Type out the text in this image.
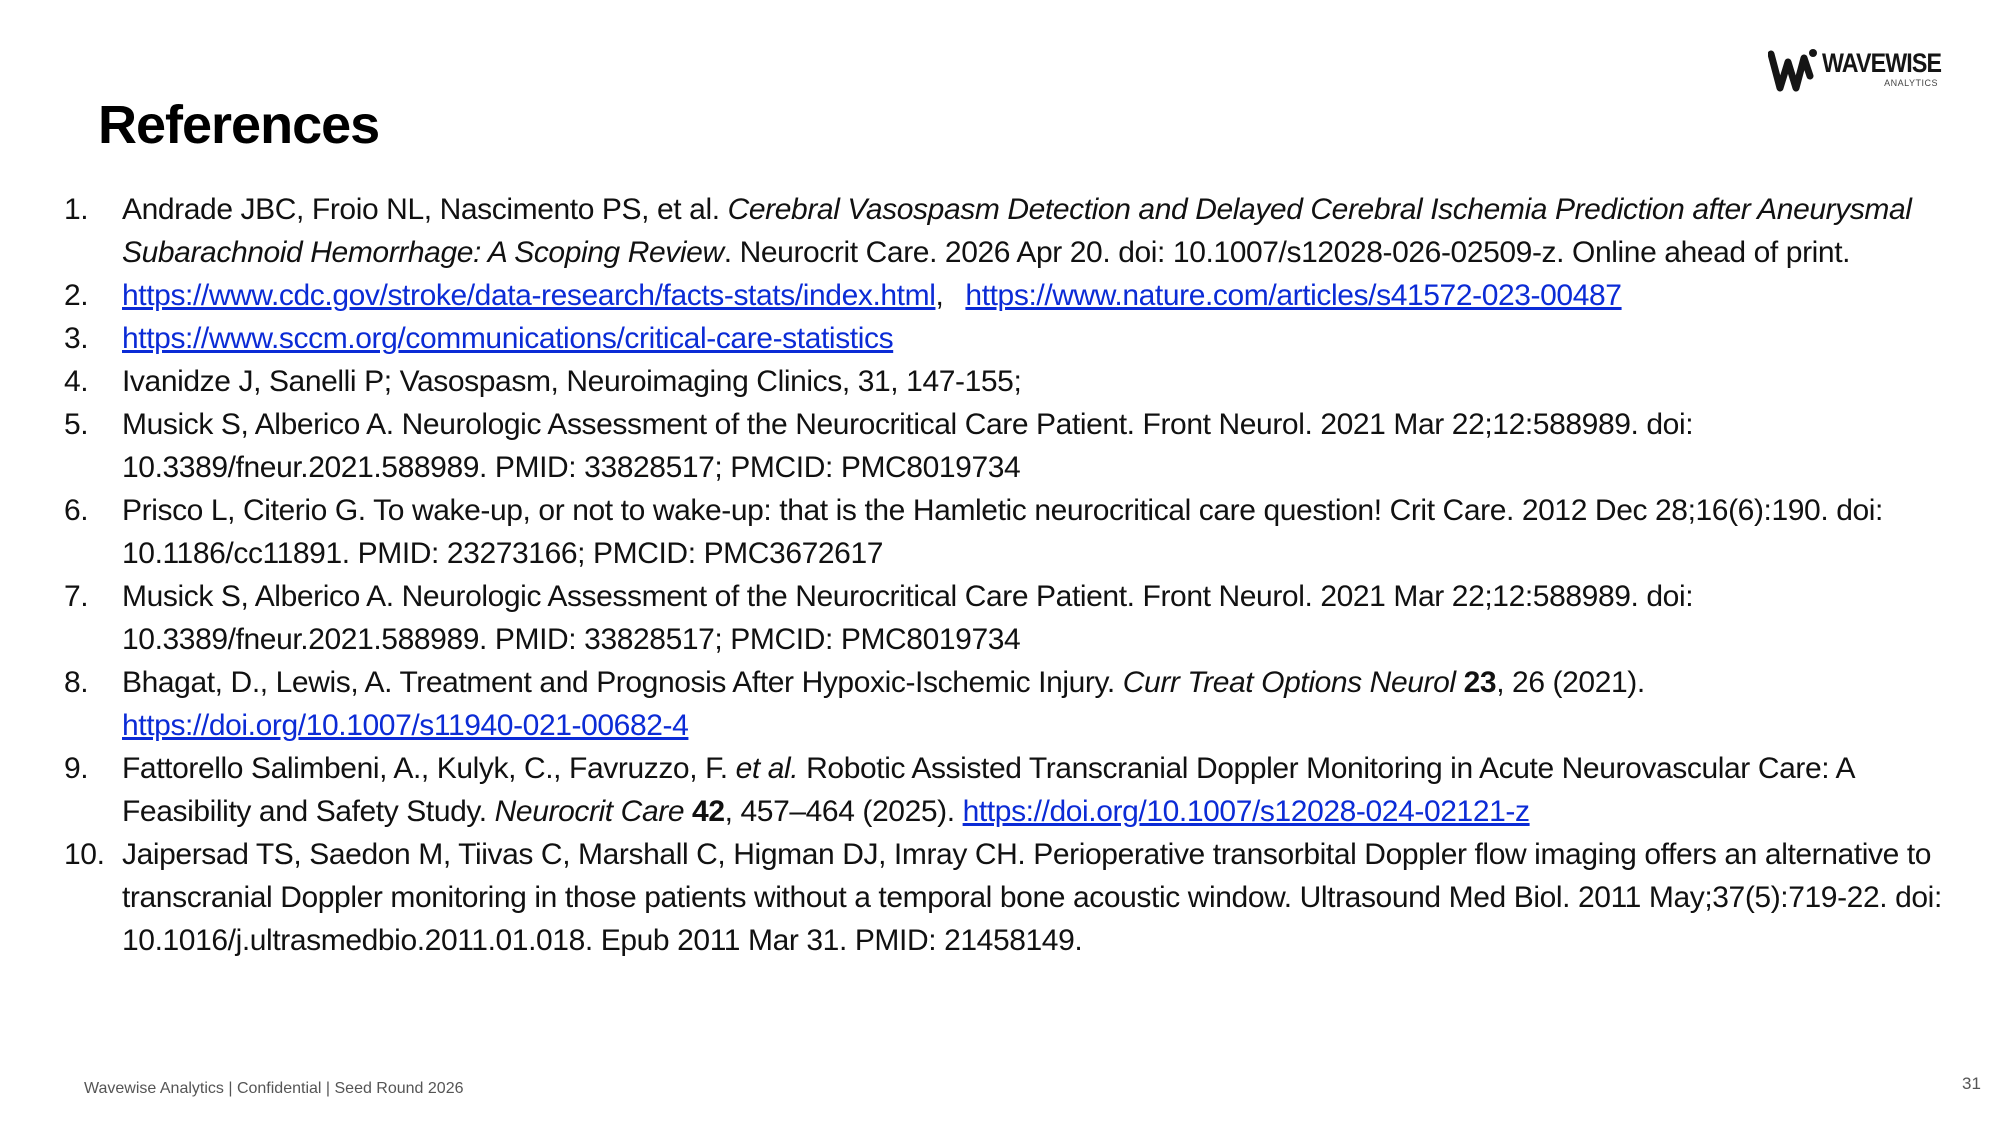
WAVEWISE
ANALYTICS
References
1. Andrade JBC, Froio NL, Nascimento PS, et al. Cerebral Vasospasm Detection and Delayed Cerebral Ischemia Prediction after Aneurysmal Subarachnoid Hemorrhage: A Scoping Review. Neurocrit Care. 2026 Apr 20. doi: 10.1007/s12028-026-02509-z. Online ahead of print.
2. https://www.cdc.gov/stroke/data-research/facts-stats/index.html, https://www.nature.com/articles/s41572-023-00487
3. https://www.sccm.org/communications/critical-care-statistics
4. Ivanidze J, Sanelli P; Vasospasm, Neuroimaging Clinics, 31, 147-155;
5. Musick S, Alberico A. Neurologic Assessment of the Neurocritical Care Patient. Front Neurol. 2021 Mar 22;12:588989. doi: 10.3389/fneur.2021.588989. PMID: 33828517; PMCID: PMC8019734
6. Prisco L, Citerio G. To wake-up, or not to wake-up: that is the Hamletic neurocritical care question! Crit Care. 2012 Dec 28;16(6):190. doi: 10.1186/cc11891. PMID: 23273166; PMCID: PMC3672617
7. Musick S, Alberico A. Neurologic Assessment of the Neurocritical Care Patient. Front Neurol. 2021 Mar 22;12:588989. doi: 10.3389/fneur.2021.588989. PMID: 33828517; PMCID: PMC8019734
8. Bhagat, D., Lewis, A. Treatment and Prognosis After Hypoxic-Ischemic Injury. Curr Treat Options Neurol 23, 26 (2021).
https://doi.org/10.1007/s11940-021-00682-4
9. Fattorello Salimbeni, A., Kulyk, C., Favruzzo, F. et al. Robotic Assisted Transcranial Doppler Monitoring in Acute Neurovascular Care: A Feasibility and Safety Study. Neurocrit Care 42, 457–464 (2025). https://doi.org/10.1007/s12028-024-02121-z
10. Jaipersad TS, Saedon M, Tiivas C, Marshall C, Higman DJ, Imray CH. Perioperative transorbital Doppler flow imaging offers an alternative to transcranial Doppler monitoring in those patients without a temporal bone acoustic window. Ultrasound Med Biol. 2011 May;37(5):719-22. doi: 10.1016/j.ultrasmedbio.2011.01.018. Epub 2011 Mar 31. PMID: 21458149.
Wavewise Analytics | Confidential | Seed Round 2026	31
